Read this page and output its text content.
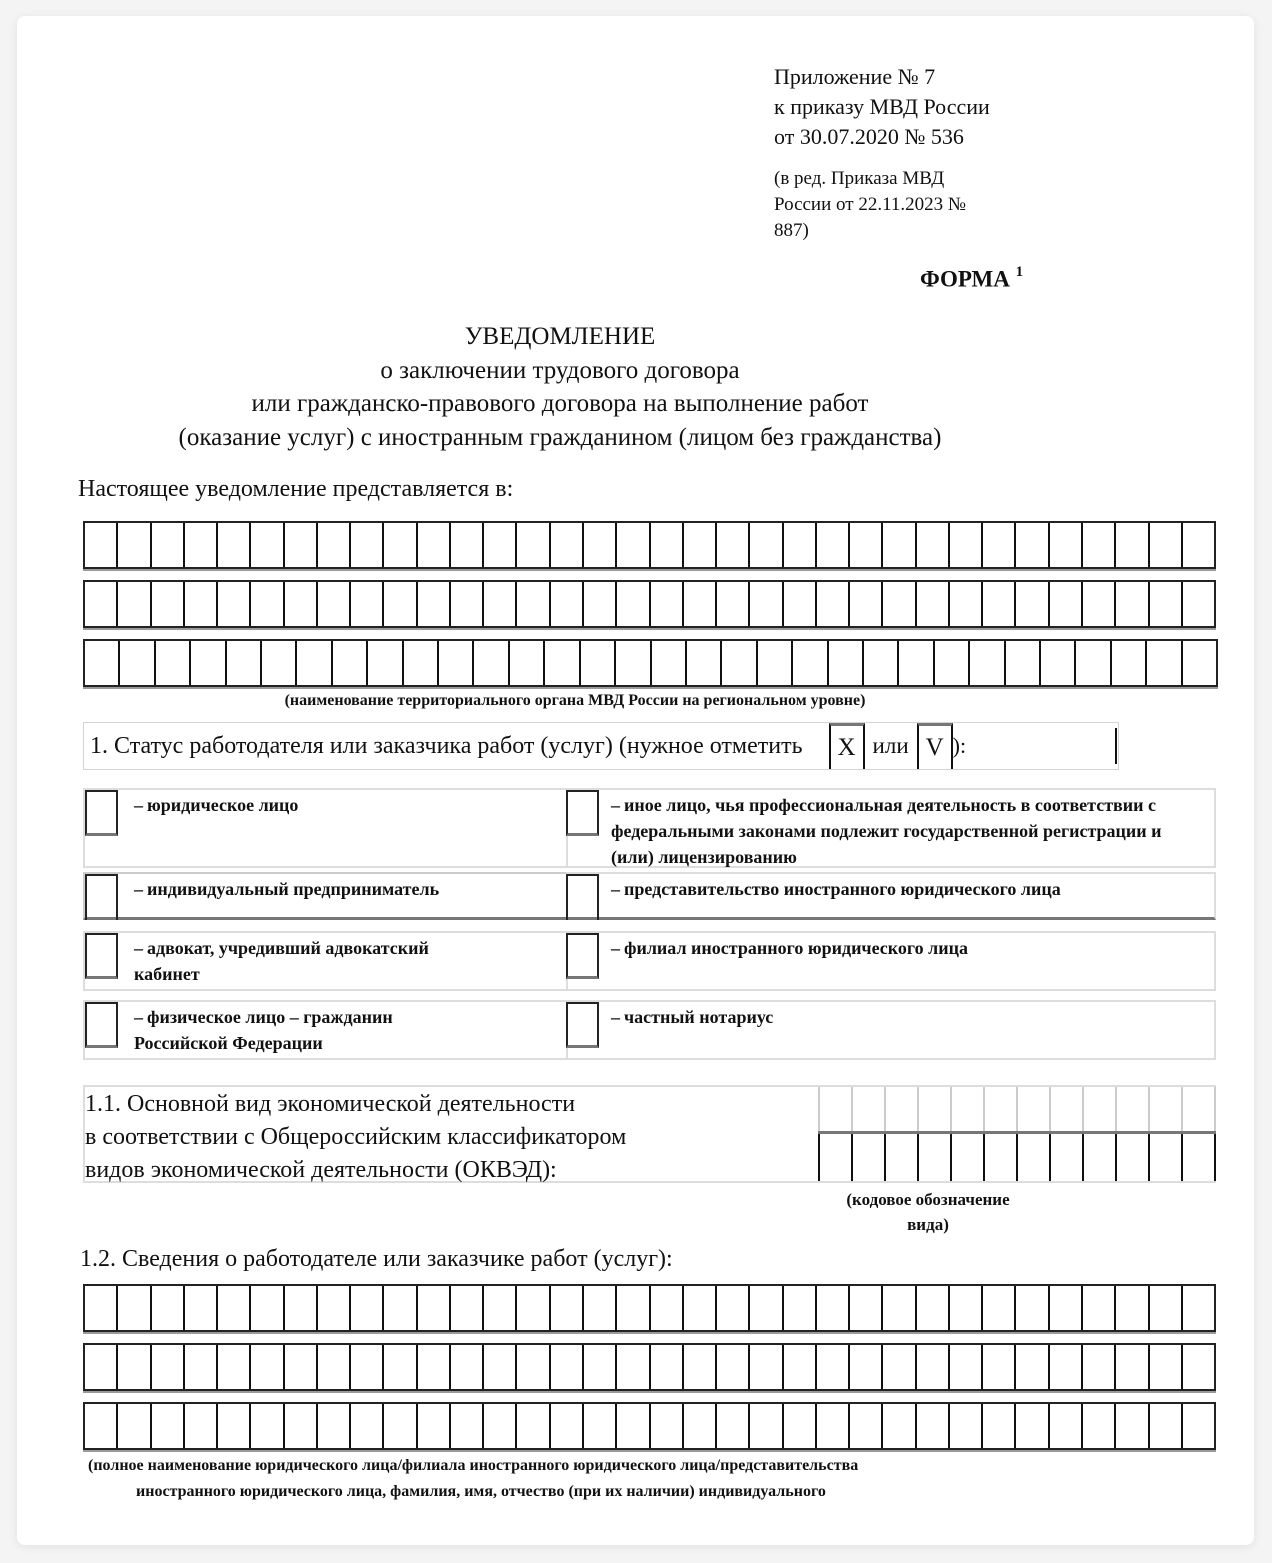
Приложение № 7
к приказу МВД России
от 30.07.2020 № 536
(в ред. Приказа МВД
России от 22.11.2023 №
887)
ФОРМА $^1$
УВЕДОМЛЕНИЕ
о заключении трудового договора
или гражданско-правового договора на выполнение работ
(оказание услуг) с иностранным гражданином (лицом без гражданства)
Настоящее уведомление представляется в:
(наименование территориального органа МВД России на региональном уровне)
1. Статус работодателя или заказчика работ (услуг) (нужное отметить	X или V ):
– юридическое лицо
– индивидуальный предприниматель
– адвокат, учредивший адвокатский кабинет
– физическое лицо – гражданин Российской Федерации
– иное лицо, чья профессиональная деятельность в соответствии с федеральными законами подлежит государственной регистрации и (или) лицензированию
– представительство иностранного юридического лица
– филиал иностранного юридического лица
– частный нотариус
1.1. Основной вид экономической деятельности
в соответствии с Общероссийским классификатором
видов экономической деятельности (ОКВЭД):
(кодовое обозначение
вида)
1.2. Сведения о работодателе или заказчике работ (услуг):
(полное наименование юридического лица/филиала иностранного юридического лица/представительства
иностранного юридического лица, фамилия, имя, отчество (при их наличии) индивидуального
